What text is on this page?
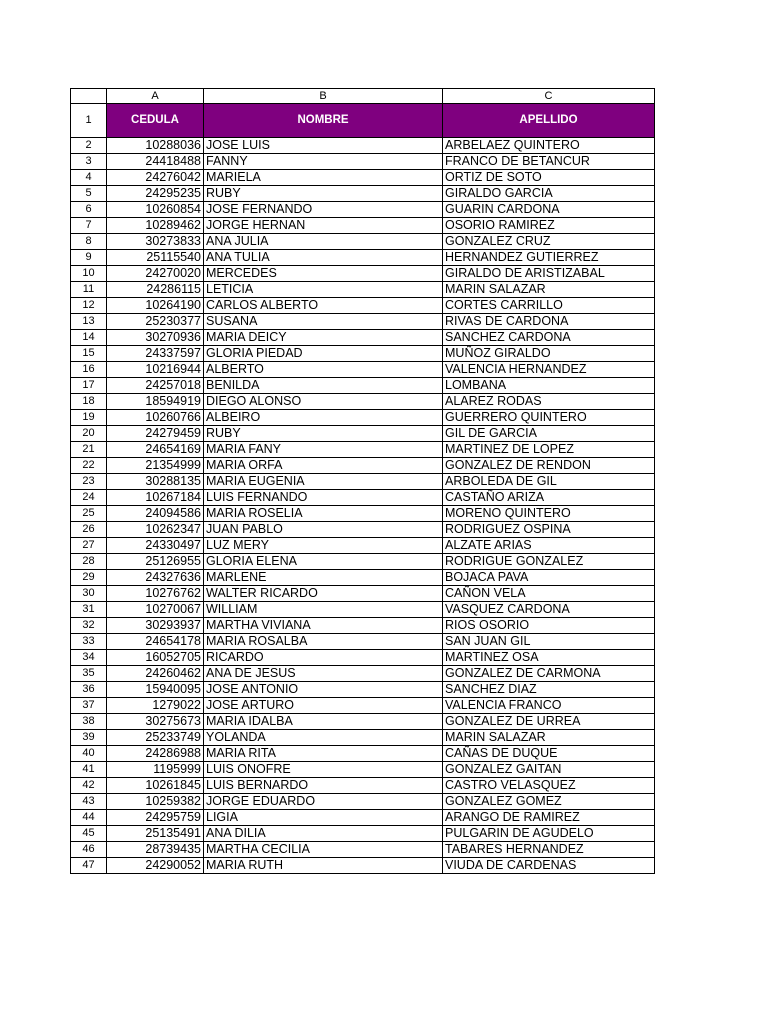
	A	B	C
1	CEDULA	NOMBRE	APELLIDO
2	10288036	JOSE LUIS	ARBELAEZ QUINTERO
3	24418488	FANNY	FRANCO DE BETANCUR
4	24276042	MARIELA	ORTIZ DE SOTO
5	24295235	RUBY	GIRALDO GARCIA
6	10260854	JOSE FERNANDO	GUARIN CARDONA
7	10289462	JORGE HERNAN	OSORIO RAMIREZ
8	30273833	ANA JULIA	GONZALEZ CRUZ
9	25115540	ANA TULIA	HERNANDEZ GUTIERREZ
10	24270020	MERCEDES	GIRALDO DE ARISTIZABAL
11	24286115	LETICIA	MARIN SALAZAR
12	10264190	CARLOS ALBERTO	CORTES CARRILLO
13	25230377	SUSANA	RIVAS DE CARDONA
14	30270936	MARIA DEICY	SANCHEZ CARDONA
15	24337597	GLORIA PIEDAD	MUÑOZ GIRALDO
16	10216944	ALBERTO	VALENCIA HERNANDEZ
17	24257018	BENILDA	LOMBANA
18	18594919	DIEGO ALONSO	ALAREZ RODAS
19	10260766	ALBEIRO	GUERRERO QUINTERO
20	24279459	RUBY	GIL DE GARCIA
21	24654169	MARIA FANY	MARTINEZ DE LOPEZ
22	21354999	MARIA ORFA	GONZALEZ DE RENDON
23	30288135	MARIA EUGENIA	ARBOLEDA DE GIL
24	10267184	LUIS FERNANDO	CASTAÑO ARIZA
25	24094586	MARIA ROSELIA	MORENO QUINTERO
26	10262347	JUAN PABLO	RODRIGUEZ OSPINA
27	24330497	LUZ MERY	ALZATE ARIAS
28	25126955	GLORIA ELENA	RODRIGUE GONZALEZ
29	24327636	MARLENE	BOJACA PAVA
30	10276762	WALTER RICARDO	CAÑON VELA
31	10270067	WILLIAM	VASQUEZ CARDONA
32	30293937	MARTHA VIVIANA	RIOS OSORIO
33	24654178	MARIA ROSALBA	SAN JUAN GIL
34	16052705	RICARDO	MARTINEZ OSA
35	24260462	ANA DE JESUS	GONZALEZ DE CARMONA
36	15940095	JOSE ANTONIO	SANCHEZ DIAZ
37	1279022	JOSE ARTURO	VALENCIA FRANCO
38	30275673	MARIA IDALBA	GONZALEZ DE URREA
39	25233749	YOLANDA	MARIN SALAZAR
40	24286988	MARIA RITA	CAÑAS DE DUQUE
41	1195999	LUIS ONOFRE	GONZALEZ GAITAN
42	10261845	LUIS BERNARDO	CASTRO VELASQUEZ
43	10259382	JORGE EDUARDO	GONZALEZ GOMEZ
44	24295759	LIGIA	ARANGO DE RAMIREZ
45	25135491	ANA DILIA	PULGARIN DE AGUDELO
46	28739435	MARTHA CECILIA	TABARES HERNANDEZ
47	24290052	MARIA RUTH	VIUDA DE CARDENAS
